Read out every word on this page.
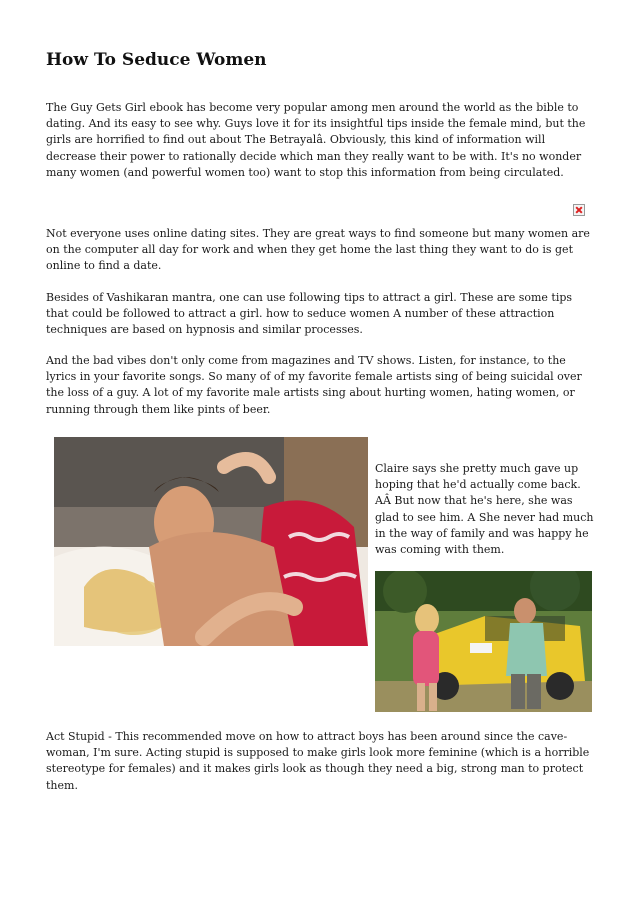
How To Seduce Women

The Guy Gets Girl ebook has become very popular among men around the world as the bible to dating. And its easy to see why. Guys love it for its insightful tips inside the female mind, but the girls are horrified to find out about The Betrayalâ. Obviously, this kind of information will decrease their power to rationally decide which man they really want to be with. It's no wonder many women (and powerful women too) want to stop this information from being circulated.

Not everyone uses online dating sites. They are great ways to find someone but many women are on the computer all day for work and when they get home the last thing they want to do is get online to find a date.

Besides of Vashikaran mantra, one can use following tips to attract a girl. These are some tips that could be followed to attract a girl. how to seduce women A number of these attraction techniques are based on hypnosis and similar processes.

And the bad vibes don't only come from magazines and TV shows. Listen, for instance, to the lyrics in your favorite songs. So many of of my favorite female artists sing of being suicidal over the loss of a guy. A lot of my favorite male artists sing about hurting women, hating women, or running through them like pints of beer.

Claire says she pretty much gave up hoping that he'd actually come back. AÂ But now that he's here, she was glad to see him. A She never had much in the way of family and was happy he was coming with them.

Act Stupid - This recommended move on how to attract boys has been around since the cave-woman, I'm sure. Acting stupid is supposed to make girls look more feminine (which is a horrible stereotype for females) and it makes girls look as though they need a big, strong man to protect them.
